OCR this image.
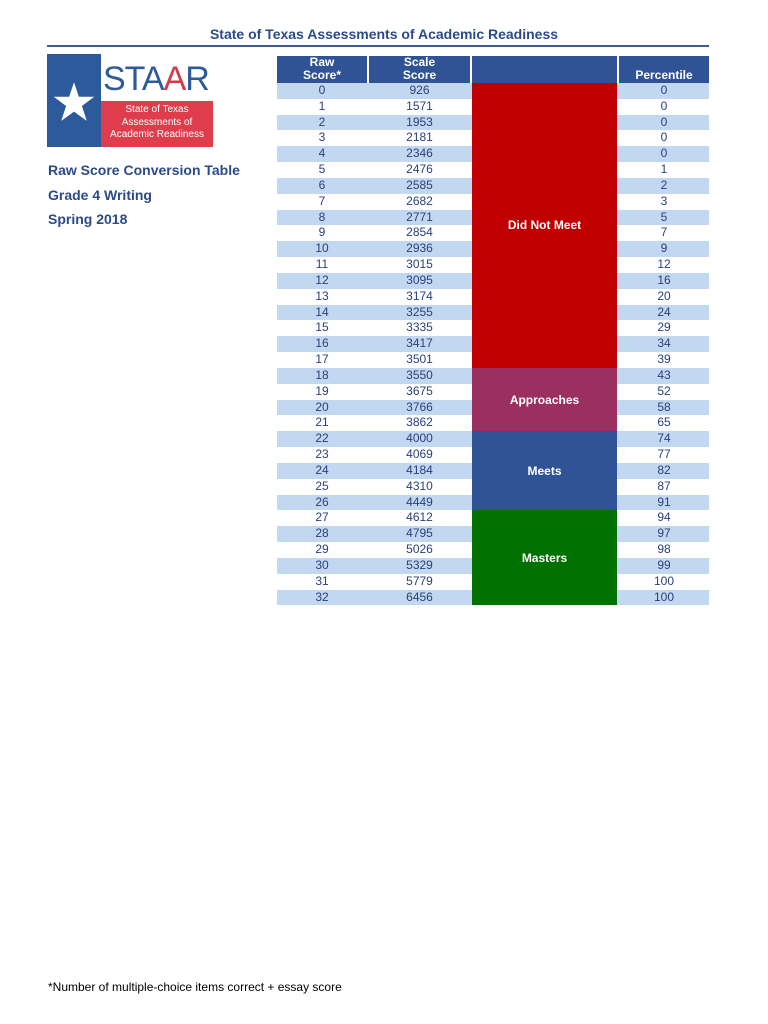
State of Texas Assessments of Academic Readiness
STAAR
State of Texas
Assessments of
Academic Readiness
Raw Score Conversion Table
Grade 4 Writing
Spring 2018
Raw
Score*
Scale
Score	Percentile
0	926	0
1	1571	0
2	1953	0
3	2181	0
4	2346	0
5	2476	1
6	2585	2
7	2682	3
8	2771	5
9	2854	7
10	2936	9
11	3015	12
12	3095	16
13	3174	20
14	3255	24
15	3335	29
16	3417	34
17	3501	39
18	3550	43
19	3675	52
20	3766	58
21	3862	65
22	4000	74
23	4069	77
24	4184	82
25	4310	87
26	4449	91
27	4612	94
28	4795	97
29	5026	98
30	5329	99
31	5779	100
32	6456	100
Did Not Meet
Approaches
Meets
Masters
*Number of multiple-choice items correct + essay score
